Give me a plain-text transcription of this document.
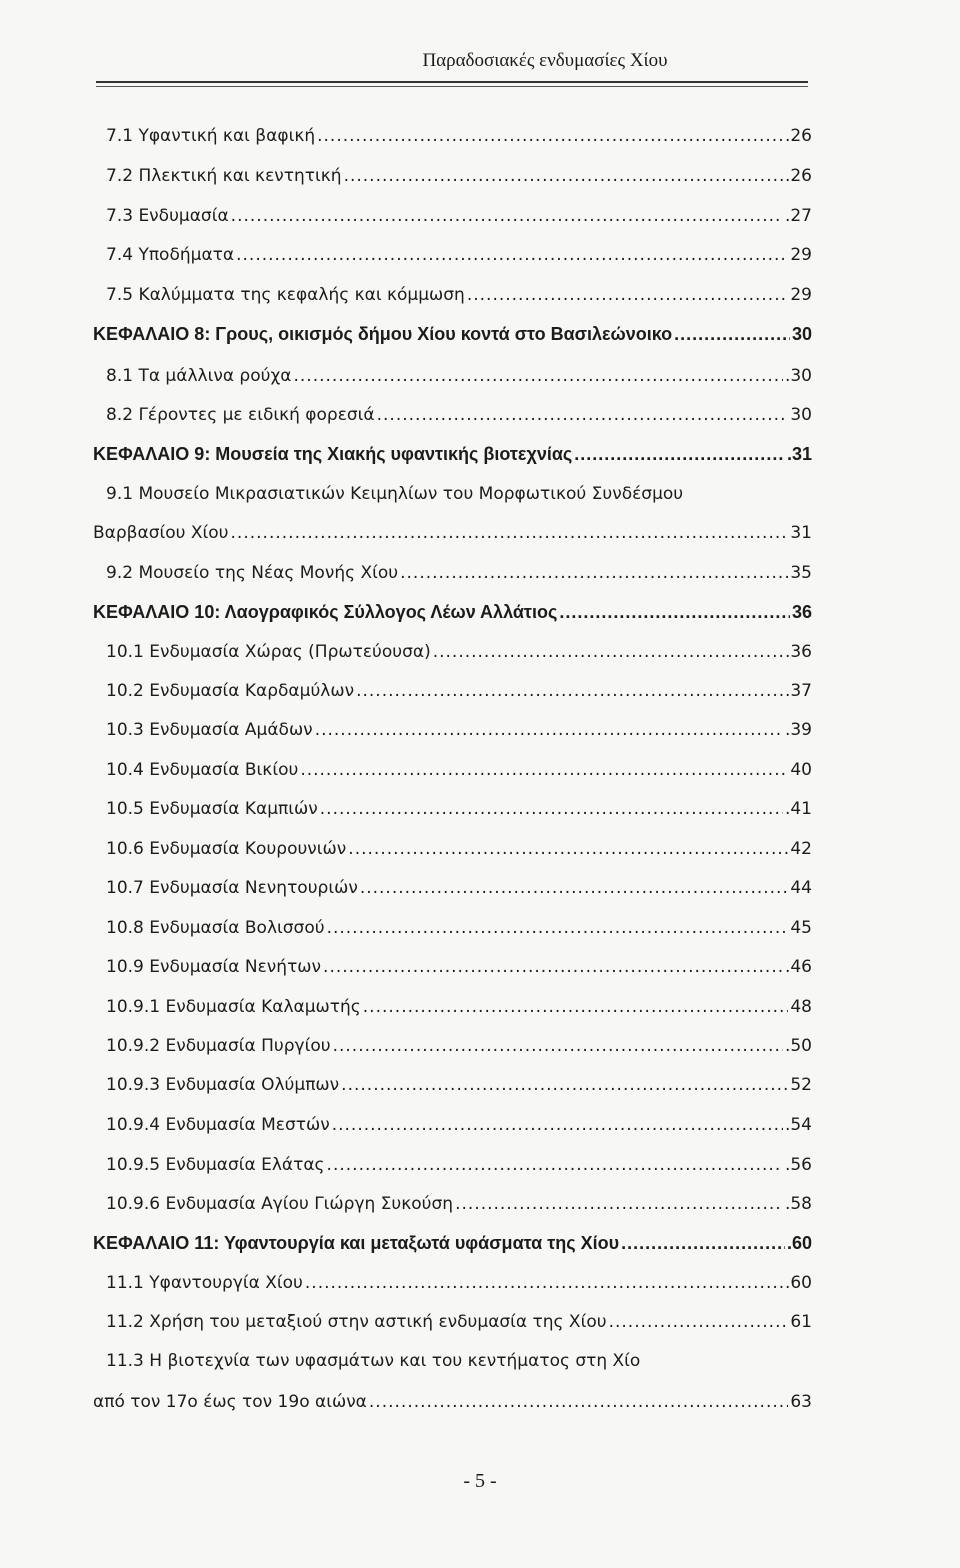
Παραδοσιακές ενδυμασίες Χίου
7.1 Υφαντική και βαφική .....	.26
7.2 Πλεκτική και κεντητική .....	.26
7.3 Ενδυμασία .....	.27
7.4 Υποδήματα .....	29
7.5 Καλύμματα της κεφαλής και κόμμωση .....	29
ΚΕΦΑΛΑΙΟ 8: Γρους, οικισμός δήμου Χίου κοντά στο Βασιλεώνοικο .....	30
8.1 Τα μάλλινα ρούχα .....	.30
8.2 Γέροντες με ειδική φορεσιά .....	30
ΚΕΦΑΛΑΙΟ 9: Μουσεία της Χιακής υφαντικής βιοτεχνίας .....	.31
9.1 Μουσείο Μικρασιατικών Κειμηλίων του Μορφωτικού Συνδέσμου
Βαρβασίου Χίου .....	31
9.2 Μουσείο της Νέας Μονής Χίου .....	35
ΚΕΦΑΛΑΙΟ 10: Λαογραφικός Σύλλογος Λέων Αλλάτιος .....	36
10.1 Ενδυμασία Χώρας (Πρωτεύουσα) .....	.36
10.2 Ενδυμασία Καρδαμύλων .....	.37
10.3 Ενδυμασία Αμάδων .....	.39
10.4 Ενδυμασία Βικίου .....	40
10.5 Ενδυμασία Καμπιών .....	.41
10.6 Ενδυμασία Κουρουνιών .....	42
10.7 Ενδυμασία Νενητουριών .....	44
10.8 Ενδυμασία Βολισσού .....	45
10.9 Ενδυμασία Νενήτων .....	.46
10.9.1 Ενδυμασία Καλαμωτής .....	48
10.9.2 Ενδυμασία Πυργίου .....	.50
10.9.3 Ενδυμασία Ολύμπων .....	52
10.9.4 Ενδυμασία Μεστών .....	.54
10.9.5 Ενδυμασία Ελάτας .....	.56
10.9.6 Ενδυμασία Αγίου Γιώργη Συκούση .....	.58
ΚΕΦΑΛΑΙΟ 11: Υφαντουργία και μεταξωτά υφάσματα της Χίου .....	.60
11.1 Υφαντουργία Χίου .....	.60
11.2 Χρήση του μεταξιού στην αστική ενδυμασία της Χίου .....	61
11.3 Η βιοτεχνία των υφασμάτων και του κεντήματος στη Χίο
από τον 17ο έως τον 19ο αιώνα .....	63
- 5 -
